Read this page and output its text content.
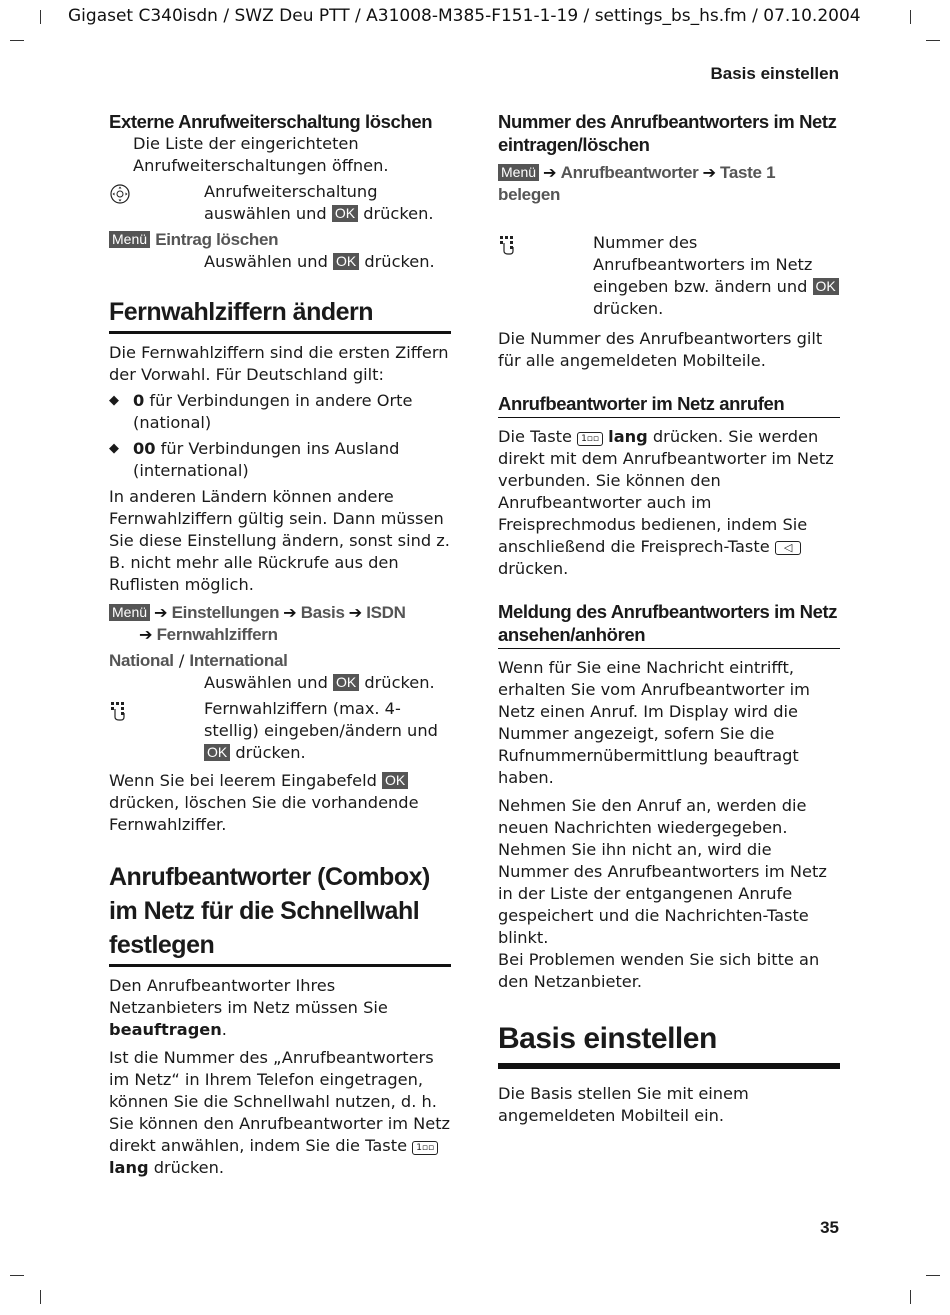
Gigaset C340isdn / SWZ Deu PTT / A31008-M385-F151-1-19 / settings_bs_hs.fm / 07.10.2004
Basis einstellen
35
Externe Anrufweiterschaltung löschen

Die Liste der eingerichteten Anrufweiterschaltungen öffnen.

Anrufweiterschaltung auswählen und OK drücken.
Menü Eintrag löschen

Auswählen und OK drücken.

Fernwahlziffern ändern

Die Fernwahlziffern sind die ersten Ziffern der Vorwahl. Für Deutschland gilt:

◆ 0 für Verbindungen in andere Orte (national)
◆ 00 für Verbindungen ins Ausland (international)

In anderen Ländern können andere Fernwahlziffern gültig sein. Dann müssen Sie diese Einstellung ändern, sonst sind z. B. nicht mehr alle Rückrufe aus den Ruflisten möglich.

Menü ➔ Einstellungen ➔ Basis ➔ ISDN
➔ Fernwahlziffern
National / International

Auswählen und OK drücken.

Fernwahlziffern (max. 4-stellig) eingeben/ändern und OK drücken.

Wenn Sie bei leerem Eingabefeld OK drücken, löschen Sie die vorhandende Fernwahlziffer.

Anrufbeantworter (Combox) im Netz für die Schnellwahl festlegen

Den Anrufbeantworter Ihres Netzanbieters im Netz müssen Sie beauftragen.

Ist die Nummer des „Anrufbeantworters im Netz“ in Ihrem Telefon eingetragen, können Sie die Schnellwahl nutzen, d. h. Sie können den Anrufbeantworter im Netz direkt anwählen, indem Sie die Taste 1▫▫ lang drücken.

Nummer des Anrufbeantworters im Netz eintragen/löschen
Menü ➔ Anrufbeantworter ➔ Taste 1 belegen
Nummer des Anrufbeantworters im Netz eingeben bzw. ändern und OK drücken.

Die Nummer des Anrufbeantworters gilt für alle angemeldeten Mobilteile.

Anrufbeantworter im Netz anrufen

Die Taste 1▫▫ lang drücken. Sie werden direkt mit dem Anrufbeantworter im Netz verbunden. Sie können den Anrufbeantworter auch im Freisprechmodus bedienen, indem Sie anschließend die Freisprech-Taste ◁ drücken.

Meldung des Anrufbeantworters im Netz ansehen/anhören

Wenn für Sie eine Nachricht eintrifft, erhalten Sie vom Anrufbeantworter im Netz einen Anruf. Im Display wird die Nummer angezeigt, sofern Sie die Rufnummernübermittlung beauftragt haben.

Nehmen Sie den Anruf an, werden die neuen Nachrichten wiedergegeben. Nehmen Sie ihn nicht an, wird die Nummer des Anrufbeantworters im Netz in der Liste der entgangenen Anrufe gespeichert und die Nachrichten-Taste blinkt.

Bei Problemen wenden Sie sich bitte an den Netzanbieter.

Basis einstellen

Die Basis stellen Sie mit einem angemeldeten Mobilteil ein.
